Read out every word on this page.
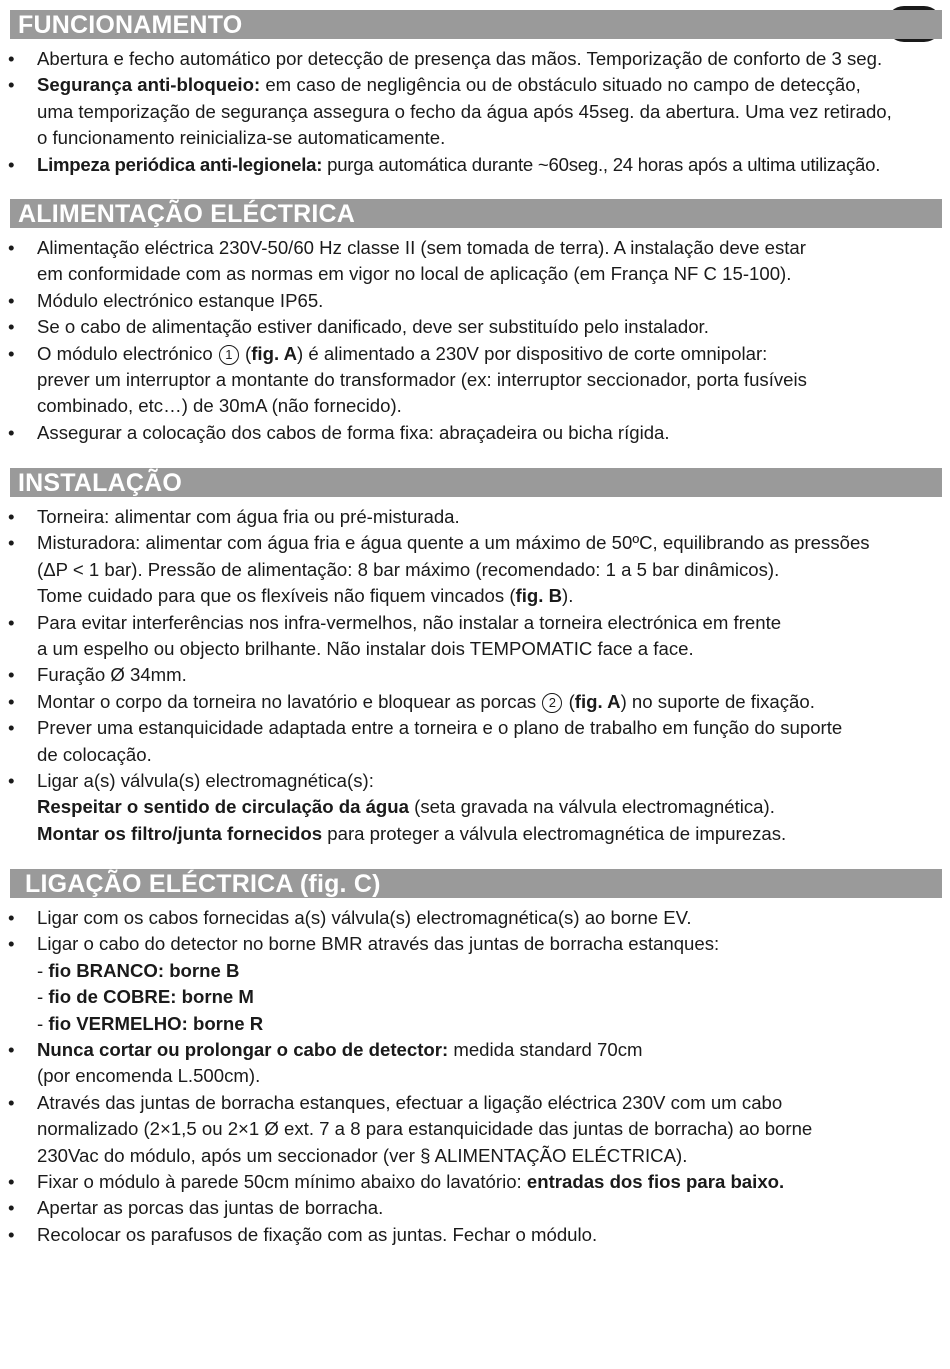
FUNCIONAMENTO
• Abertura e fecho automático por detecção de presença das mãos. Temporização de conforto de 3 seg.
• Segurança anti-bloqueio: em caso de negligência ou de obstáculo situado no campo de detecção,
uma temporização de segurança assegura o fecho da água após 45seg. da abertura. Uma vez retirado,
o funcionamento reinicializa-se automaticamente.
• Limpeza periódica anti-legionela: purga automática durante ~60seg., 24 horas após a ultima utilização.
ALIMENTAÇÃO ELÉCTRICA
• Alimentação eléctrica 230V-50/60 Hz classe II (sem tomada de terra). A instalação deve estar
em conformidade com as normas em vigor no local de aplicação (em França NF C 15-100).
• Módulo electrónico estanque IP65.
• Se o cabo de alimentação estiver danificado, deve ser substituído pelo instalador.
• O módulo electrónico 1 (fig. A) é alimentado a 230V por dispositivo de corte omnipolar:
prever um interruptor a montante do transformador (ex: interruptor seccionador, porta fusíveis
combinado, etc…) de 30mA (não fornecido).
• Assegurar a colocação dos cabos de forma fixa: abraçadeira ou bicha rígida.
INSTALAÇÃO
• Torneira: alimentar com água fria ou pré-misturada.
• Misturadora: alimentar com água fria e água quente a um máximo de 50ºC, equilibrando as pressões
(ΔP < 1 bar). Pressão de alimentação: 8 bar máximo (recomendado: 1 a 5 bar dinâmicos).
Tome cuidado para que os flexíveis não fiquem vincados (fig. B).
• Para evitar interferências nos infra-vermelhos, não instalar a torneira electrónica em frente
a um espelho ou objecto brilhante. Não instalar dois TEMPOMATIC face a face.
• Furação Ø 34mm.
• Montar o corpo da torneira no lavatório e bloquear as porcas 2 (fig. A) no suporte de fixação.
• Prever uma estanquicidade adaptada entre a torneira e o plano de trabalho em função do suporte
de colocação.
• Ligar a(s) válvula(s) electromagnética(s):
Respeitar o sentido de circulação da água (seta gravada na válvula electromagnética).
Montar os filtro/junta fornecidos para proteger a válvula electromagnética de impurezas.
LIGAÇÃO ELÉCTRICA (fig. C)
• Ligar com os cabos fornecidas a(s) válvula(s) electromagnética(s) ao borne EV.
• Ligar o cabo do detector no borne BMR através das juntas de borracha estanques:
- fio BRANCO: borne B
- fio de COBRE: borne M
- fio VERMELHO: borne R
• Nunca cortar ou prolongar o cabo de detector: medida standard 70cm
(por encomenda L.500cm).
• Através das juntas de borracha estanques, efectuar a ligação eléctrica 230V com um cabo
normalizado (2×1,5 ou 2×1 Ø ext. 7 a 8 para estanquicidade das juntas de borracha) ao borne
230Vac do módulo, após um seccionador (ver § ALIMENTAÇÃO ELÉCTRICA).
• Fixar o módulo à parede 50cm mínimo abaixo do lavatório: entradas dos fios para baixo.
• Apertar as porcas das juntas de borracha.
• Recolocar os parafusos de fixação com as juntas. Fechar o módulo.
